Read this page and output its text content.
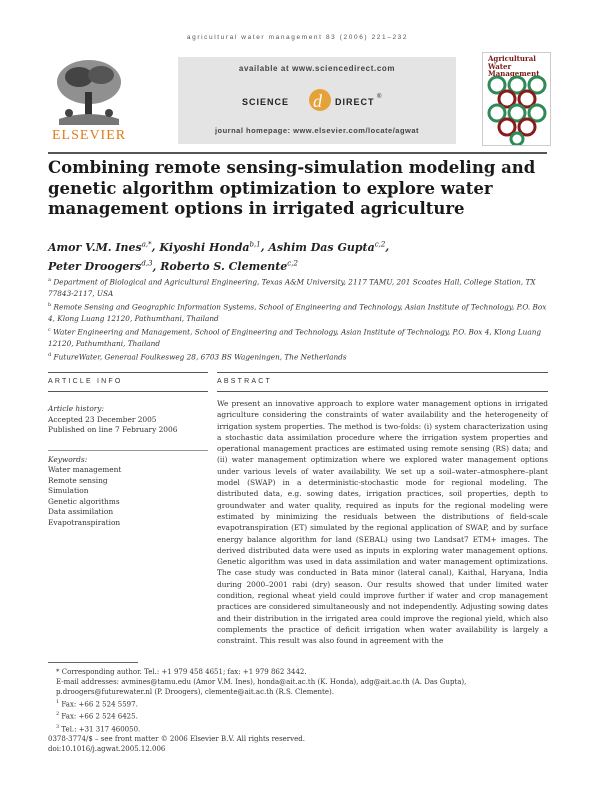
agricultural water management 83 (2006) 221–232
ELSEVIER
available at www.sciencedirect.com
SCIENCE d DIRECT ®
journal homepage: www.elsevier.com/locate/agwat
Agricultural Water Management
Combining remote sensing-simulation modeling and genetic algorithm optimization to explore water management options in irrigated agriculture
Amor V.M. Ines$^{a,*}$, Kiyoshi Honda$^{b,1}$, Ashim Das Gupta$^{c,2}$,
Peter Droogers$^{d,3}$, Roberto S. Clemente$^{c,2}$
$^a$ Department of Biological and Agricultural Engineering, Texas A&M University, 2117 TAMU, 201 Scoates Hall, College Station, TX 77843-2117, USA
$^b$ Remote Sensing and Geographic Information Systems, School of Engineering and Technology, Asian Institute of Technology, P.O. Box 4, Klong Luang 12120, Pathumthani, Thailand
$^c$ Water Engineering and Management, School of Engineering and Technology, Asian Institute of Technology, P.O. Box 4, Klong Luang 12120, Pathumthani, Thailand
$^d$ FutureWater, Generaal Foulkesweg 28, 6703 BS Wageningen, The Netherlands
ARTICLE INFO
Article history:
Accepted 23 December 2005
Published on line 7 February 2006
Keywords:
Water management
Remote sensing
Simulation
Genetic algorithms
Data assimilation
Evapotranspiration
ABSTRACT
We present an innovative approach to explore water management options in irrigated agriculture considering the constraints of water availability and the heterogeneity of irrigation system properties. The method is two-folds: (i) system characterization using a stochastic data assimilation procedure where the irrigation system properties and operational management practices are estimated using remote sensing (RS) data; and (ii) water management optimization where we explored water management options under various levels of water availability. We set up a soil–water–atmosphere–plant model (SWAP) in a deterministic-stochastic mode for regional modeling. The distributed data, e.g. sowing dates, irrigation practices, soil properties, depth to groundwater and water quality, required as inputs for the regional modeling were estimated by minimizing the residuals between the distributions of field-scale evapotranspiration (ET) simulated by the regional application of SWAP, and by surface energy balance algorithm for land (SEBAL) using two Landsat7 ETM+ images. The derived distributed data were used as inputs in exploring water management options. Genetic algorithm was used in data assimilation and water management optimizations. The case study was conducted in Bata minor (lateral canal), Kaithal, Haryana, India during 2000–2001 rabi (dry) season. Our results showed that under limited water condition, regional wheat yield could improve further if water and crop management practices are considered simultaneously and not independently. Adjusting sowing dates and their distribution in the irrigated area could improve the regional yield, which also complements the practice of deficit irrigation when water availability is largely a constraint. This result was also found in agreement with the
* Corresponding author. Tel.: +1 979 458 4651; fax: +1 979 862 3442.
E-mail addresses: avmines@tamu.edu (Amor V.M. Ines), honda@ait.ac.th (K. Honda), adg@ait.ac.th (A. Das Gupta), p.droogers@futurewater.nl (P. Droogers), clemente@ait.ac.th (R.S. Clemente).
$^1$ Fax: +66 2 524 5597.
$^2$ Fax: +66 2 524 6425.
$^3$ Tel.: +31 317 460050.
0378-3774/$ – see front matter © 2006 Elsevier B.V. All rights reserved.
doi:10.1016/j.agwat.2005.12.006
